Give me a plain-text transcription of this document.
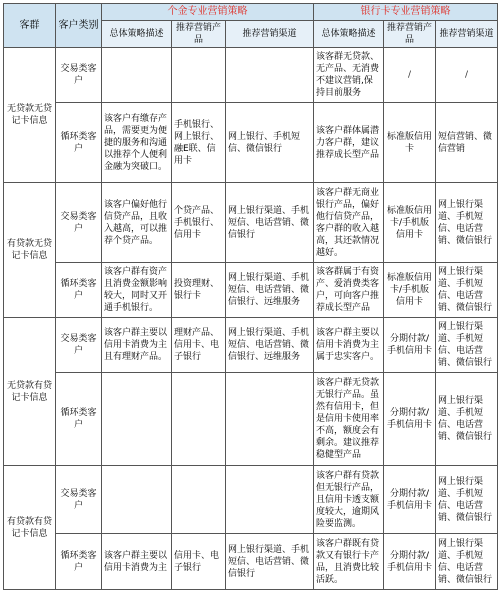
客群	客户类别	个金专业营销策略			银行卡专业营销策略		
		总体策略描述	推荐营销产品	推荐营销渠道	总体策略描述	推荐营销产品	推荐营销渠道
无贷款无贷记卡信息	交易类客户				该客群无贷款、无产品、无消费不建议营销,保持目前服务	/	/
	循环类客户	该客户有缴存产品，需要更为便捷的服务和沟通以推荐个人便利金融为突破口。	手机银行、网上银行、融E联、信用卡	网上银行、手机短信、微信银行	该客户群体属潜力客户群，建议推荐成长型产品	标准版信用卡	短信营销、微信营销
有贷款无贷记卡信息	交易类客户	该客户偏好他行信贷产品，且收入越高，可以推荐个贷产品。	个贷产品、手机银行、信用卡	网上银行渠道、手机短信、电话营销、微信银行	该客户群无商业银行产品，偏好他行信贷产品，客户群的收入越高，其还款情况越好。	标准版信用卡/手机版信用卡	网上银行渠道、手机短信、电话营销、微信银行
	循环类客户	该客户群有资产且消费金额影响较大，同时又开通手机银行。	投资理财、银行卡	网上银行渠道、手机短信、电话营销、微信银行、远维服务	该客群属于有资产、爱消费类客户，可向客户推荐成长型产品	标准版信用卡/手机版信用卡	网上银行渠道、手机短信、电话营销、微信银行
无贷款有贷记卡信息	交易类客户	该客户群主要以信用卡消费为主且有理财产品。	理财产品、信用卡、电子银行	网上银行渠道、手机短信、电话营销、微信银行、远维服务	该客户群主要以信用卡消费为主属于忠实客户。	分期付款/手机信用卡	网上银行渠道、手机短信、电话营销、微信银行
	循环类客户				该客户群无贷款无银行产品。虽然有信用卡，但是信用卡使用率不高，额度会有剩余。建议推荐稳健型产品	分期付款/手机信用卡	网上银行渠道、手机短信、电话营销、微信银行
有贷款有贷记卡信息	交易类客户				该客户群有贷款但无银行产品，且信用卡透支额度较大，逾期风险要监测。	分期付款/手机信用卡	网上银行渠道、手机短信、电话营销、微信银行
	循环类客户	该客户群主要以信用卡消费为主	信用卡、电子银行	网上银行渠道、手机短信、电话营销、微信银行	该客户群既有贷款又有银行卡产品，且消费比较活跃。	分期付款/手机信用卡	网上银行渠道、手机短信、电话营销、微信银行
